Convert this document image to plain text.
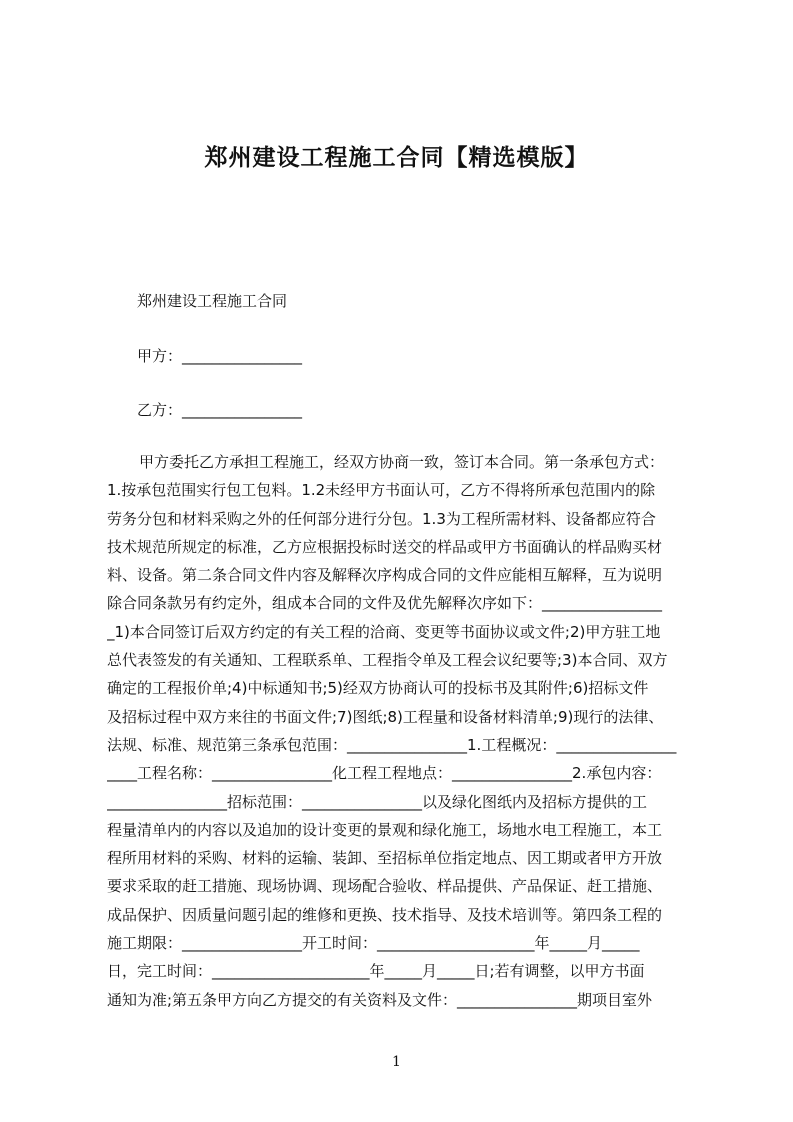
郑州建设工程施工合同【精选模版】
郑州建设工程施工合同
甲方：________________
乙方：________________
甲方委托乙方承担工程施工，经双方协商一致，签订本合同。第一条承包方式：
1.按承包范围实行包工包料。1.2未经甲方书面认可，乙方不得将所承包范围内的除
劳务分包和材料采购之外的任何部分进行分包。1.3为工程所需材料、设备都应符合
技术规范所规定的标准，乙方应根据投标时送交的样品或甲方书面确认的样品购买材
料、设备。第二条合同文件内容及解释次序构成合同的文件应能相互解释，互为说明
除合同条款另有约定外，组成本合同的文件及优先解释次序如下：________________
_1)本合同签订后双方约定的有关工程的洽商、变更等书面协议或文件;2)甲方驻工地
总代表签发的有关通知、工程联系单、工程指令单及工程会议纪要等;3)本合同、双方
确定的工程报价单;4)中标通知书;5)经双方协商认可的投标书及其附件;6)招标文件
及招标过程中双方来往的书面文件;7)图纸;8)工程量和设备材料清单;9)现行的法律、
法规、标准、规范第三条承包范围：________________1.工程概况：________________
____工程名称：________________化工程工程地点：________________2.承包内容：
________________招标范围：________________以及绿化图纸内及招标方提供的工
程量清单内的内容以及追加的设计变更的景观和绿化施工，场地水电工程施工，本工
程所用材料的采购、材料的运输、装卸、至招标单位指定地点、因工期或者甲方开放
要求采取的赶工措施、现场协调、现场配合验收、样品提供、产品保证、赶工措施、
成品保护、因质量问题引起的维修和更换、技术指导、及技术培训等。第四条工程的
施工期限：________________开工时间：_____________________年_____月_____
日，完工时间：_____________________年_____月_____日;若有调整，以甲方书面
通知为准;第五条甲方向乙方提交的有关资料及文件：________________期项目室外
1
